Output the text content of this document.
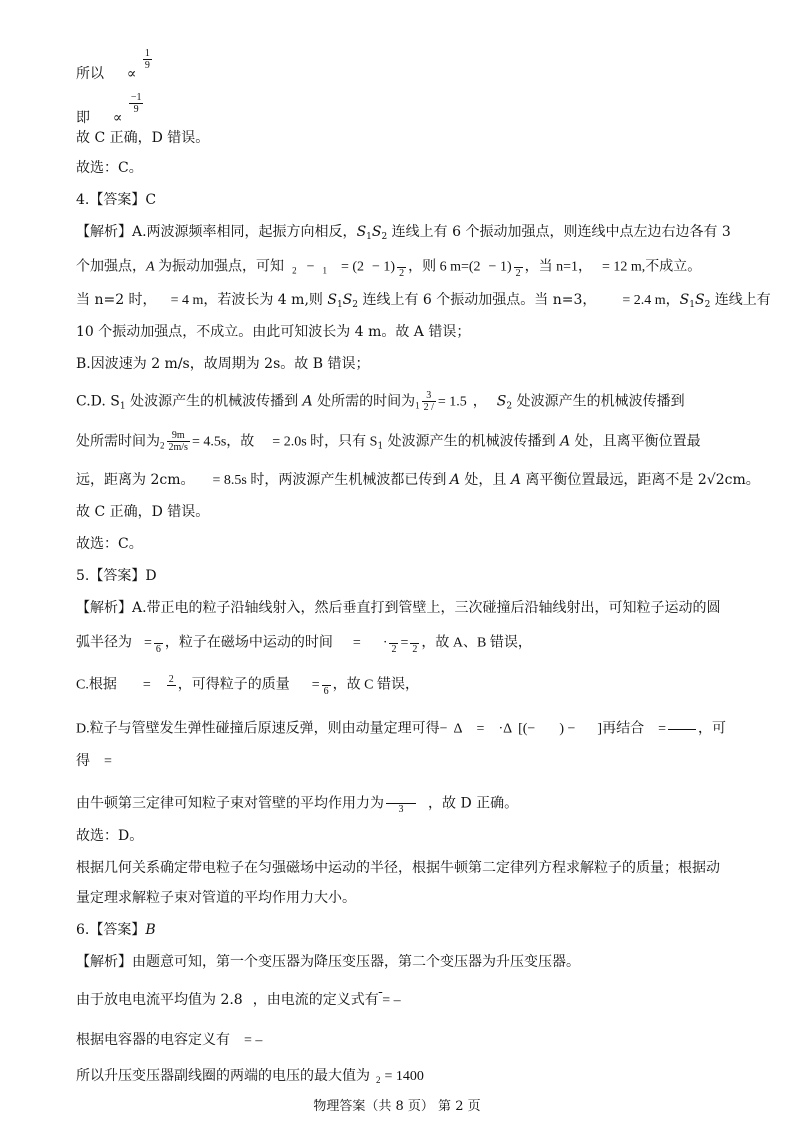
所以 ∝
$\frac{1}{9}$
即 ∝
$\frac{-1}{9}$
故 C 正确，D 错误。
故选：C。
4.【答案】C
【解析】A.两波源频率相同，起振方向相反，$S_1S_2$ 连线上有 6 个振动加强点，则连线中点左边右边各有 3
个加强点，A 为振动加强点，可知 $_2$ − $_1$ = (2 − 1)
2 ，则 6 m=(2 − 1)
2 ，当 n=1， = 12 m,不成立。
当 n=2 时， = 4 m，若波长为 4 m,则 $S_1S_2$ 连线上有 6 个振动加强点。当 n=3， = 2.4 m，$S_1S_2$ 连线上有
10 个振动加强点，不成立。由此可知波长为 4 m。故 A 错误；
B.因波速为 2 m/s，故周期为 2s。故 B 错误；
C.D. $S_1$ 处波源产生的机械波传播到 A 处所需的时间为$_1 \frac{3}{2 /} = 1.5$ ， $S_2$ 处波源产生的机械波传播到
处所需时间为$_2 \frac{9m}{2m/s} = 4.5s$，故 = 2.0s 时，只有 $S_1$ 处波源产生的机械波传播到 A 处，且离平衡位置最
远，距离为 2cm。 = 8.5s 时，两波源产生机械波都已传到 A 处，且 A 离平衡位置最远，距离不是 2√2cm。
故 C 正确，D 错误。
故选：C。
5.【答案】D
【解析】A.带正电的粒子沿轴线射入，然后垂直打到管壁上，三次碰撞后沿轴线射出，可知粒子运动的圆
弧半径为 =
6 ，粒子在磁场中运动的时间 = ·
2 =
2 ，故 A、B 错误，
C.根据 = 2
，可得粒子的质量 =
6 ，故 C 错误，
D.粒子与管壁发生弹性碰撞后原速反弹，则由动量定理可得− Δ = ·Δ [(− ) − ]再结合 =

，可
得 =
由牛顿第三定律可知粒子束对管壁的平均作用力为
	3	，故 D 正确。
故选：D。
根据几何关系确定带电粒子在匀强磁场中运动的半径，根据牛顿第二定律列方程求解粒子的质量；根据动
量定理求解粒子束对管道的平均作用力大小。
6.【答案】B
【解析】由题意可知，第一个变压器为降压变压器，第二个变压器为升压变压器。
由于放电电流平均值为 2.8 ，由电流的定义式有 = –
根据电容器的电容定义有 = –
所以升压变压器副线圈的两端的电压的最大值为 $_2$ = 1400
物理答案（共 8 页） 第 2 页
